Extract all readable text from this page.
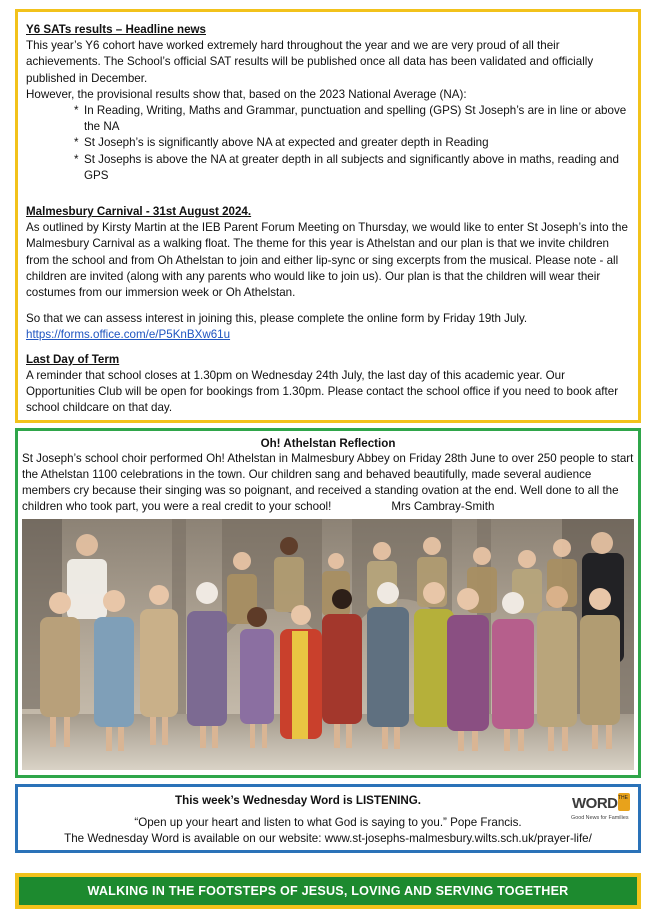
Y6 SATs results – Headline news

This year’s Y6 cohort have worked extremely hard throughout the year and we are very proud of all their achievements. The School’s official SAT results will be published once all data has been validated and officially published in December.

However, the provisional results show that, based on the 2023 National Average (NA):

* In Reading, Writing, Maths and Grammar, punctuation and spelling (GPS) St Joseph’s are in line or above the NA
* St Joseph’s is significantly above NA at expected and greater depth in Reading
* St Josephs is above the NA at greater depth in all subjects and significantly above in maths, reading and GPS

Malmesbury Carnival - 31st August 2024.

As outlined by Kirsty Martin at the IEB Parent Forum Meeting on Thursday, we would like to enter St Joseph’s into the Malmesbury Carnival as a walking float. The theme for this year is Athelstan and our plan is that we invite children from the school and from Oh Athelstan to join and either lip-sync or sing excerpts from the musical. Please note - all children are invited (along with any parents who would like to join us). Our plan is that the children will wear their costumes from our immersion week or Oh Athelstan.

So that we can assess interest in joining this, please complete the online form by Friday 19th July.

https://forms.office.com/e/P5KnBXw61u

Last Day of Term

A reminder that school closes at 1.30pm on Wednesday 24th July, the last day of this academic year. Our Opportunities Club will be open for bookings from 1.30pm. Please contact the school office if you need to book after school childcare on that day.

Oh! Athelstan Reflection

St Joseph’s school choir performed Oh! Athelstan in Malmesbury Abbey on Friday 28th June to over 250 people to start the Athelstan 1100 celebrations in the town. Our children sang and behaved beautifully, made several audience members cry because their singing was so poignant, and received a standing ovation at the end. Well done to all the children who took part, you were a real credit to your school!	Mrs Cambray-Smith

This week’s Wednesday Word is LISTENING.

“Open up your heart and listen to what God is saying to you.” Pope Francis.

The Wednesday Word is available on our website: www.st-josephs-malmesbury.wilts.sch.uk/prayer-life/

WORD THE
Good News for Families

WALKING IN THE FOOTSTEPS OF JESUS, LOVING AND SERVING TOGETHER
